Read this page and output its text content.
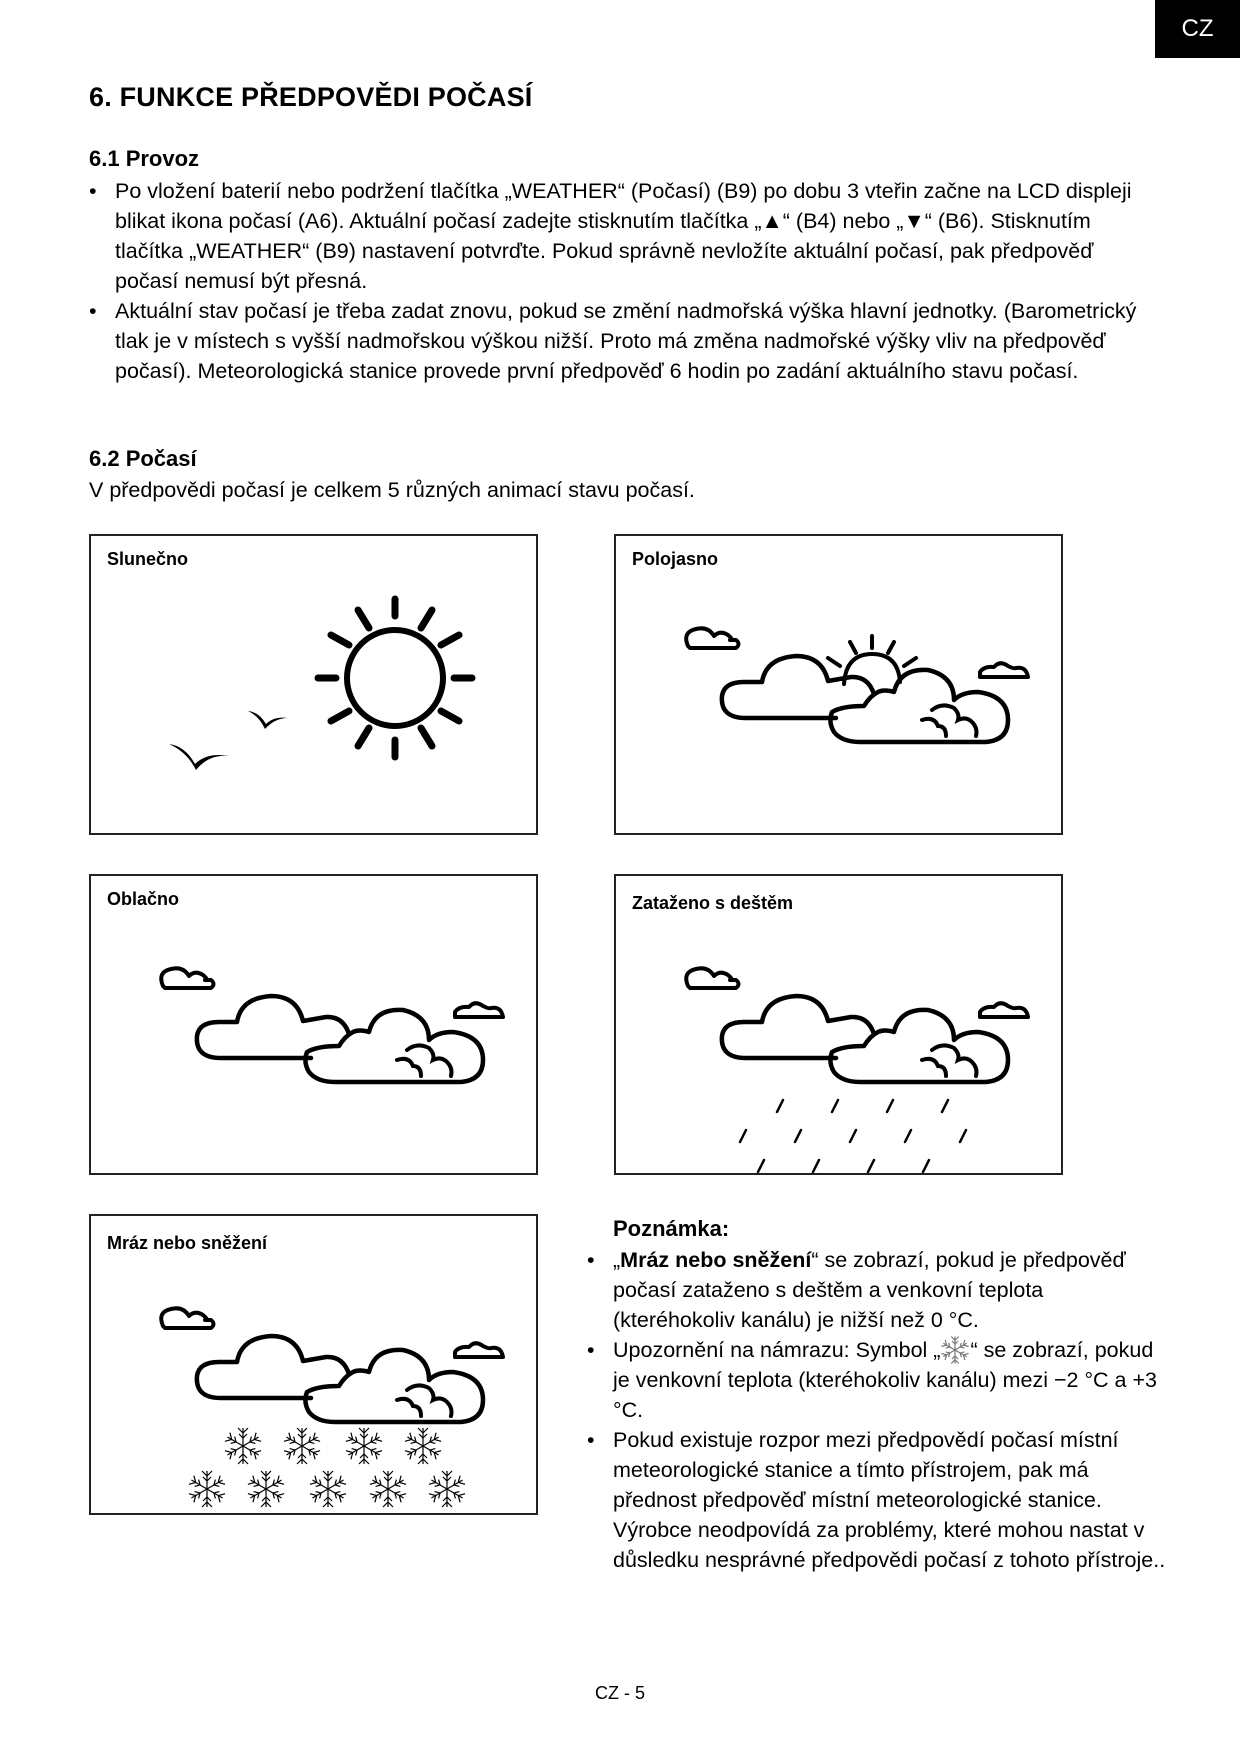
CZ
6. FUNKCE PŘEDPOVĚDI POČASÍ
6.1 Provoz
• Po vložení baterií nebo podržení tlačítka „WEATHER“ (Počasí) (B9) po dobu 3 vteřin začne na LCD displeji blikat ikona počasí (A6). Aktuální počasí zadejte stisknutím tlačítka „▲“ (B4) nebo „▼“ (B6). Stisknutím tlačítka „WEATHER“ (B9) nastavení potvrďte. Pokud správně nevložíte aktuální počasí, pak předpověď počasí nemusí být přesná.
• Aktuální stav počasí je třeba zadat znovu, pokud se změní nadmořská výška hlavní jednotky. (Barometrický tlak je v místech s vyšší nadmořskou výškou nižší. Proto má změna nadmořské výšky vliv na předpověď počasí). Meteorologická stanice provede první předpověď 6 hodin po zadání aktuálního stavu počasí.
6.2 Počasí
V předpovědi počasí je celkem 5 různých animací stavu počasí.
Slunečno	Polojasno
Oblačno	Zataženo s deštěm
Mráz nebo sněžení
Poznámka:
• „Mráz nebo sněžení“ se zobrazí, pokud je předpověď počasí zataženo s deštěm a venkovní teplota (kteréhokoliv kanálu) je nižší než 0 °C.
• Upozornění na námrazu: Symbol „ “ se zobrazí, pokud je venkovní teplota (kteréhokoliv kanálu) mezi −2 °C a +3 °C.
• Pokud existuje rozpor mezi předpovědí počasí místní meteorologické stanice a tímto přístrojem, pak má přednost předpověď místní meteorologické stanice. Výrobce neodpovídá za problémy, které mohou nastat v důsledku nesprávné předpovědi počasí z tohoto přístroje..
CZ - 5
